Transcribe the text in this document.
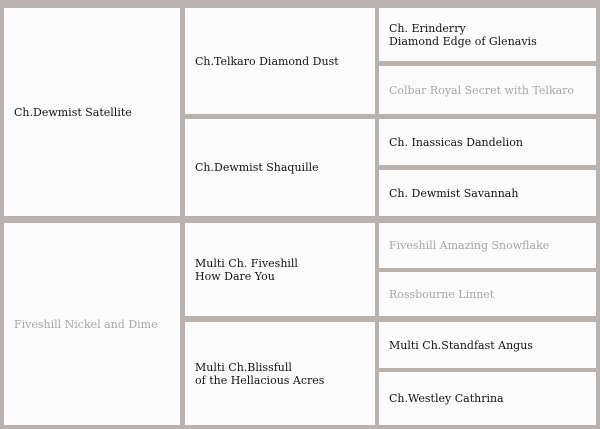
Ch.Dewmist Satellite
Fiveshill Nickel and Dime
Ch.Telkaro Diamond Dust
Ch.Dewmist Shaquille
Multi Ch. Fiveshill
How Dare You
Multi Ch.Blissfull
of the Hellacious Acres
Ch. Erinderry
Diamond Edge of Glenavis
Colbar Royal Secret with Telkaro
Ch. Inassicas Dandelion
Ch. Dewmist Savannah
Fiveshill Amazing Snowflake
Rossbourne Linnet
Multi Ch.Standfast Angus
Ch.Westley Cathrina
